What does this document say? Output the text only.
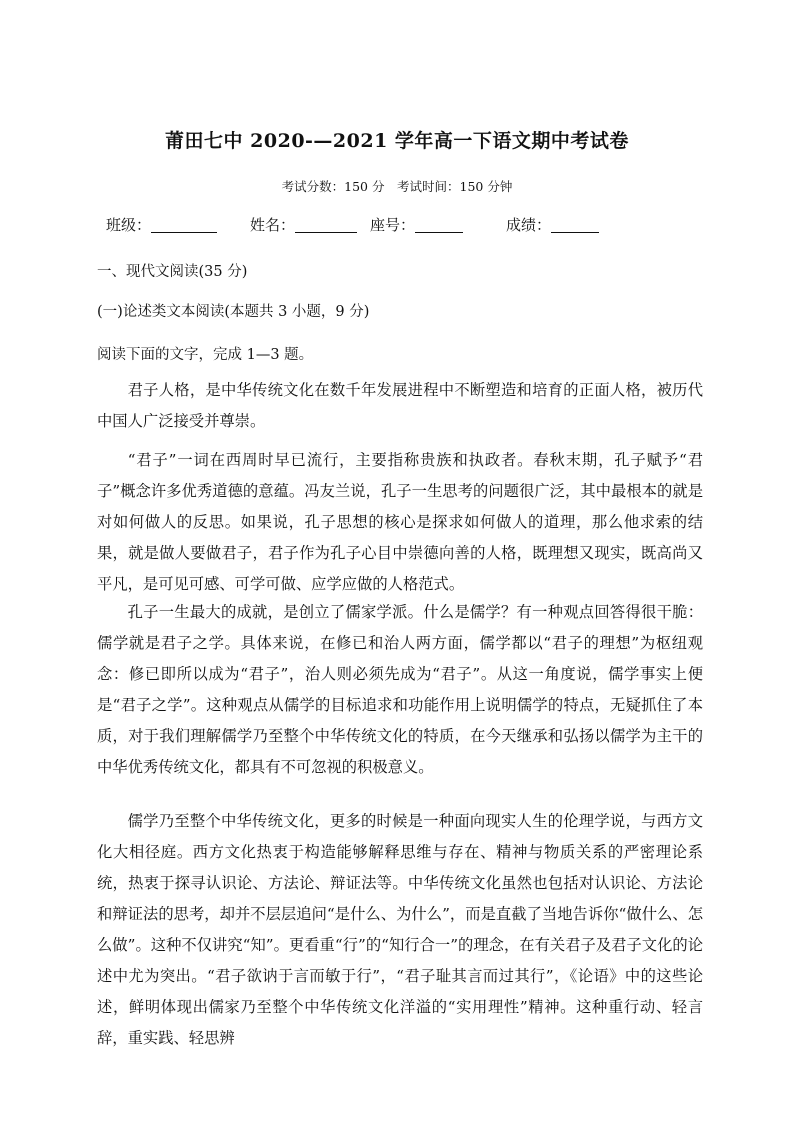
莆田七中 2020-—2021 学年高一下语文期中考试卷
考试分数：150 分　考试时间：150 分钟
班级：	姓名：	座号：	成绩：
一、现代文阅读(35 分)
(一)论述类文本阅读(本题共 3 小题，9 分)
阅读下面的文字，完成 1—3 题。

君子人格，是中华传统文化在数千年发展进程中不断塑造和培育的正面人格，被历代中国人广泛接受并尊崇。

“君子”一词在西周时早已流行，主要指称贵族和执政者。春秋末期，孔子赋予“君子”概念许多优秀道德的意蕴。冯友兰说，孔子一生思考的问题很广泛，其中最根本的就是对如何做人的反思。如果说，孔子思想的核心是探求如何做人的道理，那么他求索的结果，就是做人要做君子，君子作为孔子心目中崇德向善的人格，既理想又现实，既高尚又平凡，是可见可感、可学可做、应学应做的人格范式。

孔子一生最大的成就，是创立了儒家学派。什么是儒学？有一种观点回答得很干脆：儒学就是君子之学。具体来说，在修已和治人两方面，儒学都以“君子的理想”为枢纽观念：修已即所以成为“君子”，治人则必须先成为“君子”。从这一角度说，儒学事实上便是“君子之学”。这种观点从儒学的目标追求和功能作用上说明儒学的特点，无疑抓住了本质，对于我们理解儒学乃至整个中华传统文化的特质，在今天继承和弘扬以儒学为主干的中华优秀传统文化，都具有不可忽视的积极意义。

儒学乃至整个中华传统文化，更多的时候是一种面向现实人生的伦理学说，与西方文化大相径庭。西方文化热衷于构造能够解释思维与存在、精神与物质关系的严密理论系统，热衷于探寻认识论、方法论、辩证法等。中华传统文化虽然也包括对认识论、方法论和辩证法的思考，却并不层层追问“是什么、为什么”，而是直截了当地告诉你“做什么、怎么做”。这种不仅讲究“知”。更看重“行”的“知行合一”的理念，在有关君子及君子文化的论述中尤为突出。“君子欲讷于言而敏于行”，“君子耻其言而过其行”，《论语》中的这些论述，鲜明体现出儒家乃至整个中华传统文化洋溢的“实用理性”精神。这种重行动、轻言辞，重实践、轻思辨
